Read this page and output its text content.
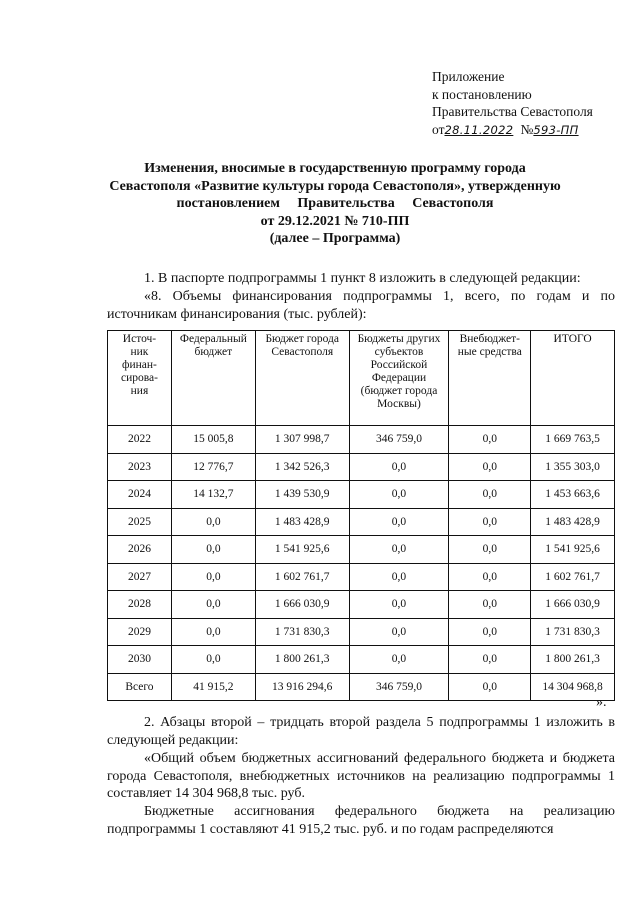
Приложение
к постановлению
Правительства Севастополя
от28.11.2022 №593-ПП
Изменения, вносимые в государственную программу города
Севастополя «Развитие культуры города Севастополя», утвержденную
постановлением Правительства Севастополя
от 29.12.2021 № 710-ПП
(далее – Программа)
1. В паспорте подпрограммы 1 пункт 8 изложить в следующей редакции:
«8. Объемы финансирования подпрограммы 1, всего, по годам и по источникам финансирования (тыс. рублей):
Источ-ник финан-сирова-ния	Федеральный бюджет	Бюджет города Севастополя	Бюджеты других субъектов Российской Федерации (бюджет города Москвы)	Внебюджет-ные средства	ИТОГО
2022	15 005,8	1 307 998,7	346 759,0	0,0	1 669 763,5
2023	12 776,7	1 342 526,3	0,0	0,0	1 355 303,0
2024	14 132,7	1 439 530,9	0,0	0,0	1 453 663,6
2025	0,0	1 483 428,9	0,0	0,0	1 483 428,9
2026	0,0	1 541 925,6	0,0	0,0	1 541 925,6
2027	0,0	1 602 761,7	0,0	0,0	1 602 761,7
2028	0,0	1 666 030,9	0,0	0,0	1 666 030,9
2029	0,0	1 731 830,3	0,0	0,0	1 731 830,3
2030	0,0	1 800 261,3	0,0	0,0	1 800 261,3
Всего	41 915,2	13 916 294,6	346 759,0	0,0	14 304 968,8
».
2. Абзацы второй – тридцать второй раздела 5 подпрограммы 1 изложить в следующей редакции:
«Общий объем бюджетных ассигнований федерального бюджета и бюджета города Севастополя, внебюджетных источников на реализацию подпрограммы 1 составляет 14 304 968,8 тыс. руб.
Бюджетные ассигнования федерального бюджета на реализацию подпрограммы 1 составляют 41 915,2 тыс. руб. и по годам распределяются
